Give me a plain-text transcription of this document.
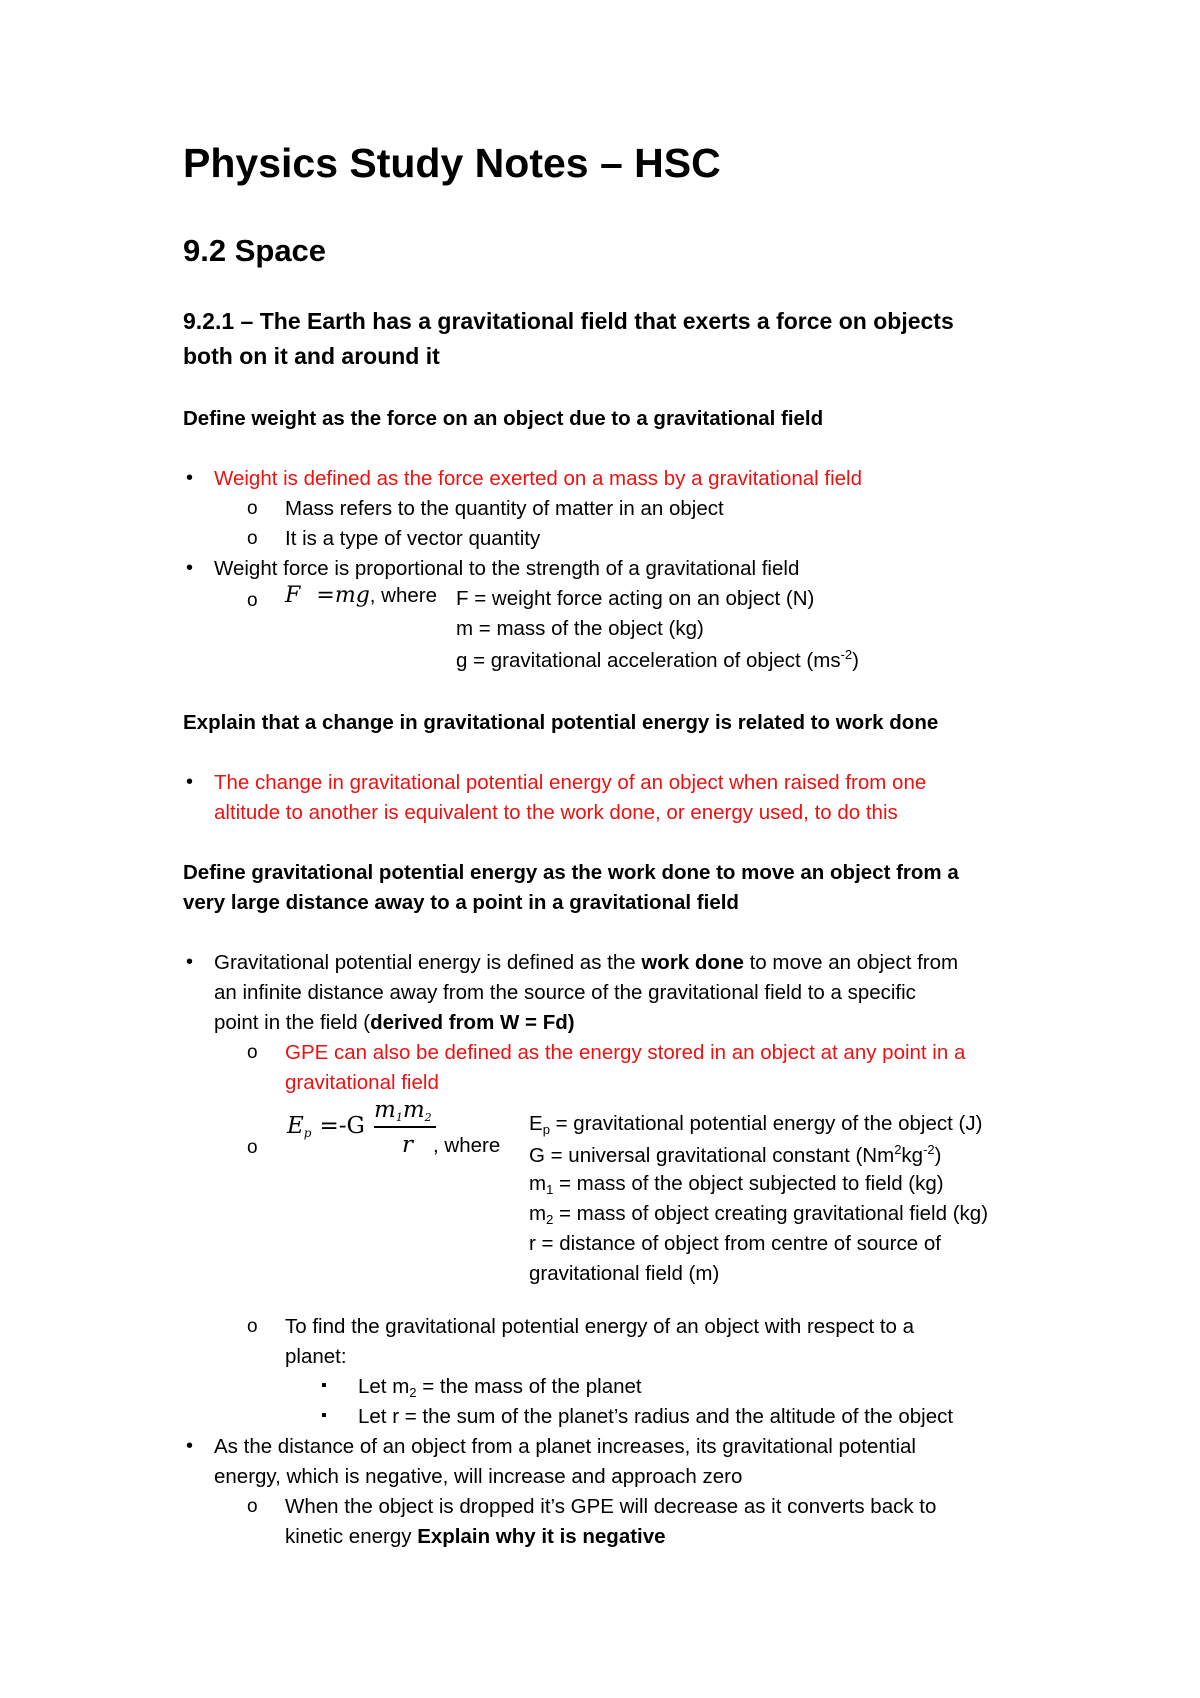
Physics Study Notes – HSC
9.2 Space
9.2.1 – The Earth has a gravitational field that exerts a force on objects
both on it and around it
Define weight as the force on an object due to a gravitational field
• Weight is defined as the force exerted on a mass by a gravitational field
o Mass refers to the quantity of matter in an object
o It is a type of vector quantity
• Weight force is proportional to the strength of a gravitational field
o F =mg, where F = weight force acting on an object (N)
m = mass of the object (kg)
g = gravitational acceleration of object $(ms^{-2})$
Explain that a change in gravitational potential energy is related to work done
• The change in gravitational potential energy of an object when raised from one
altitude to another is equivalent to the work done, or energy used, to do this
Define gravitational potential energy as the work done to move an object from a
very large distance away to a point in a gravitational field
• Gravitational potential energy is defined as the work done to move an object from
an infinite distance away from the source of the gravitational field to a specific
point in the field (derived from W = Fd)
o GPE can also be defined as the energy stored in an object at any point in a
gravitational field
o
$E_p =-G$
$m_1m_2$
r , where
$E_p$ = gravitational potential energy of the object (J)
G = universal gravitational constant $(Nm^2kg^{-2})$
$m_1$ = mass of the object subjected to field (kg)
$m_2$ = mass of object creating gravitational field (kg)
r = distance of object from centre of source of
gravitational field (m)
o To find the gravitational potential energy of an object with respect to a
planet:
▪ Let $m_2$ = the mass of the planet
▪ Let r = the sum of the planet’s radius and the altitude of the object
• As the distance of an object from a planet increases, its gravitational potential
energy, which is negative, will increase and approach zero
o When the object is dropped it’s GPE will decrease as it converts back to
kinetic energy Explain why it is negative
